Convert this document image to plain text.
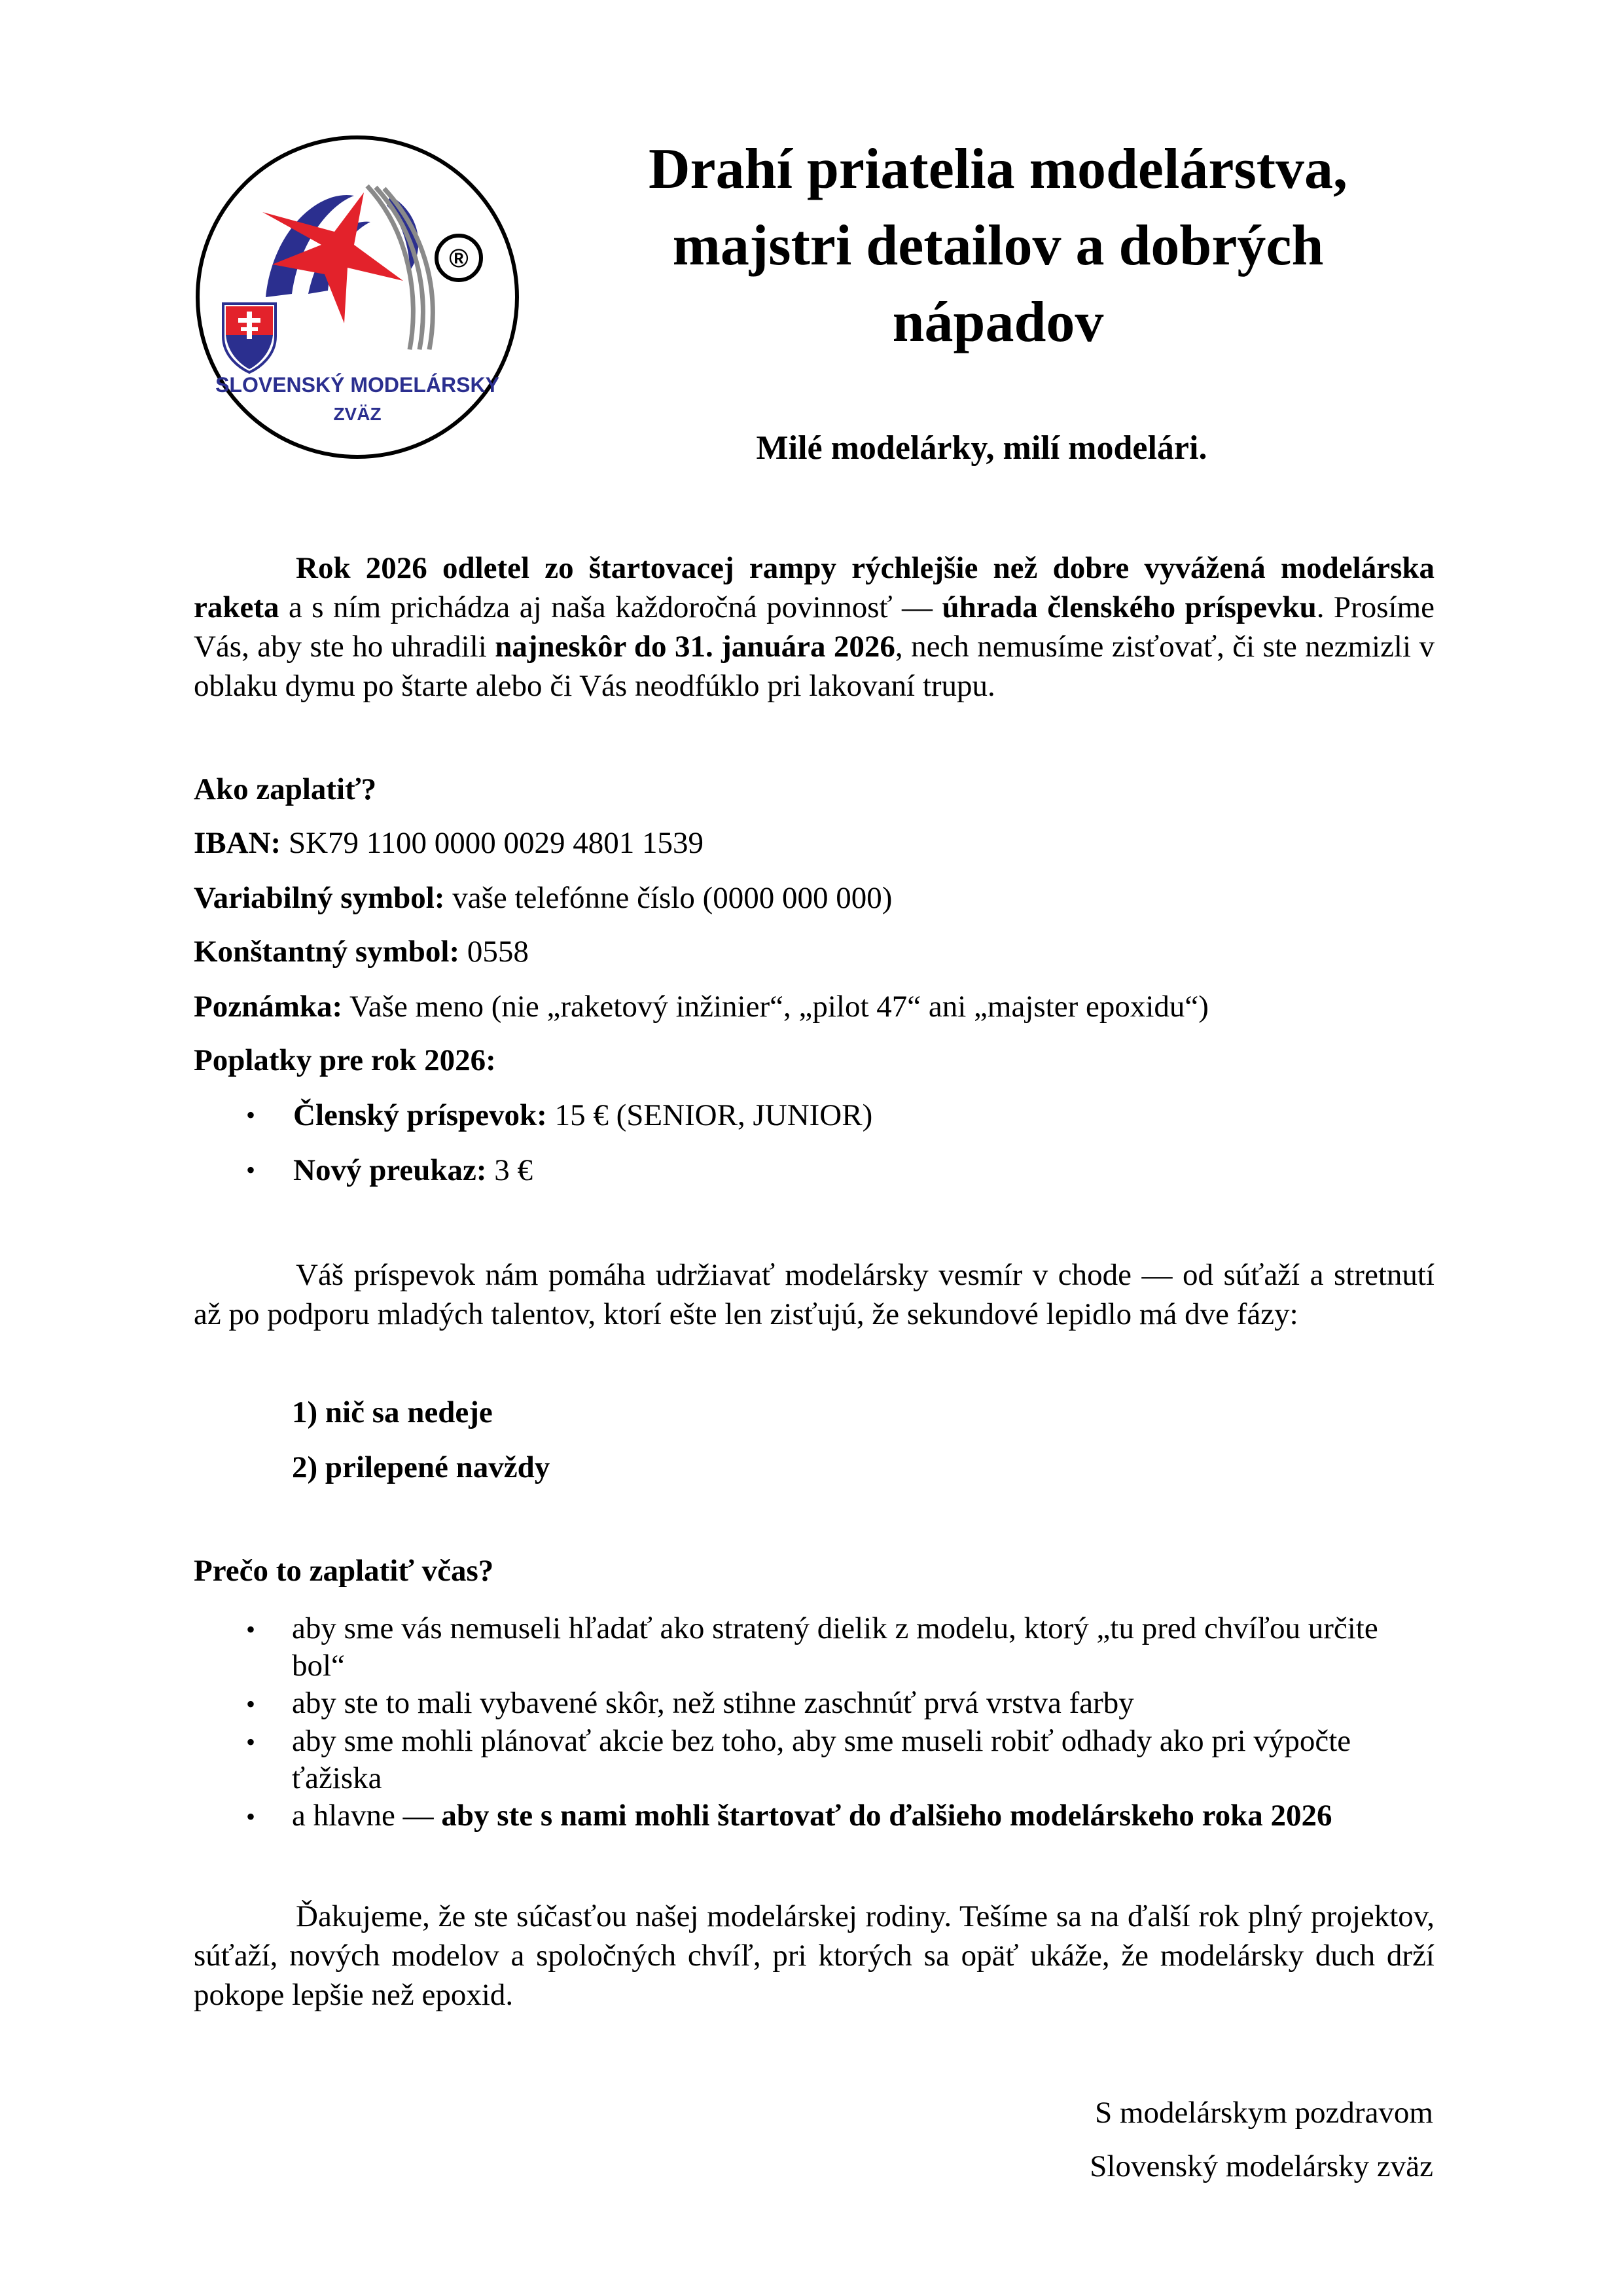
®
SLOVENSKÝ MODELÁRSKY
ZVÄZ
Drahí priatelia modelárstva,
majstri detailov a dobrých
nápadov
Milé modelárky, milí modelári.

Rok 2026 odletel zo štartovacej rampy rýchlejšie než dobre vyvážená modelárska raketa a s ním prichádza aj naša každoročná povinnosť — úhrada členského príspevku. Prosíme Vás, aby ste ho uhradili najneskôr do 31. januára 2026, nech nemusíme zisťovať, či ste nezmizli v oblaku dymu po štarte alebo či Vás neodfúklo pri lakovaní trupu.

Ako zaplatiť?
IBAN: SK79 1100 0000 0029 4801 1539
Variabilný symbol: vaše telefónne číslo (0000 000 000)
Konštantný symbol: 0558
Poznámka: Vaše meno (nie „raketový inžinier“, „pilot 47“ ani „majster epoxidu“)
Poplatky pre rok 2026:
• Členský príspevok: 15 € (SENIOR, JUNIOR)
• Nový preukaz: 3 €

Váš príspevok nám pomáha udržiavať modelársky vesmír v chode — od súťaží a stretnutí až po podporu mladých talentov, ktorí ešte len zisťujú, že sekundové lepidlo má dve fázy:

1) nič sa nedeje
2) prilepené navždy
Prečo to zaplatiť včas?
• aby sme vás nemuseli hľadať ako stratený dielik z modelu, ktorý „tu pred chvíľou určite bol“
• aby ste to mali vybavené skôr, než stihne zaschnúť prvá vrstva farby
• aby sme mohli plánovať akcie bez toho, aby sme museli robiť odhady ako pri výpočte ťažiska
• a hlavne — aby ste s nami mohli štartovať do ďalšieho modelárskeho roka 2026

Ďakujeme, že ste súčasťou našej modelárskej rodiny. Tešíme sa na ďalší rok plný projektov, súťaží, nových modelov a spoločných chvíľ, pri ktorých sa opäť ukáže, že modelársky duch drží pokope lepšie než epoxid.

S modelárskym pozdravom
Slovenský modelársky zväz
